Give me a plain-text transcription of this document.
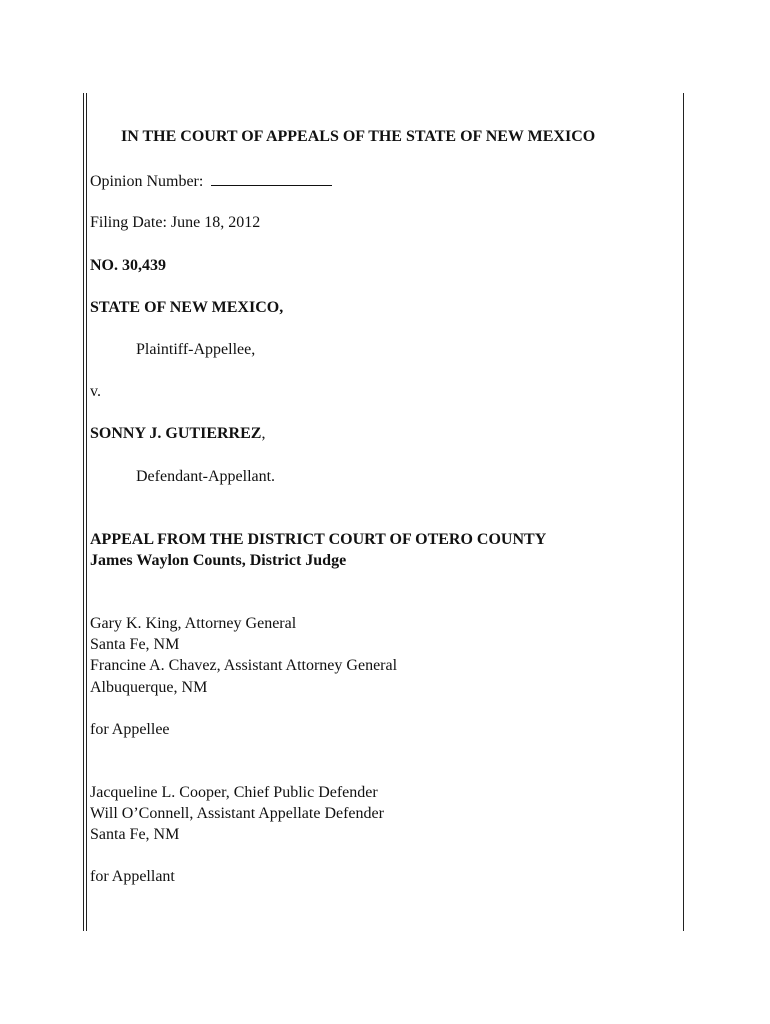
IN THE COURT OF APPEALS OF THE STATE OF NEW MEXICO
Opinion Number:
Filing Date: June 18, 2012
NO. 30,439
STATE OF NEW MEXICO,
Plaintiff-Appellee,
v.
SONNY J. GUTIERREZ,
Defendant-Appellant.
APPEAL FROM THE DISTRICT COURT OF OTERO COUNTY
James Waylon Counts, District Judge
Gary K. King, Attorney General
Santa Fe, NM
Francine A. Chavez, Assistant Attorney General
Albuquerque, NM
for Appellee
Jacqueline L. Cooper, Chief Public Defender
Will O’Connell, Assistant Appellate Defender
Santa Fe, NM
for Appellant
